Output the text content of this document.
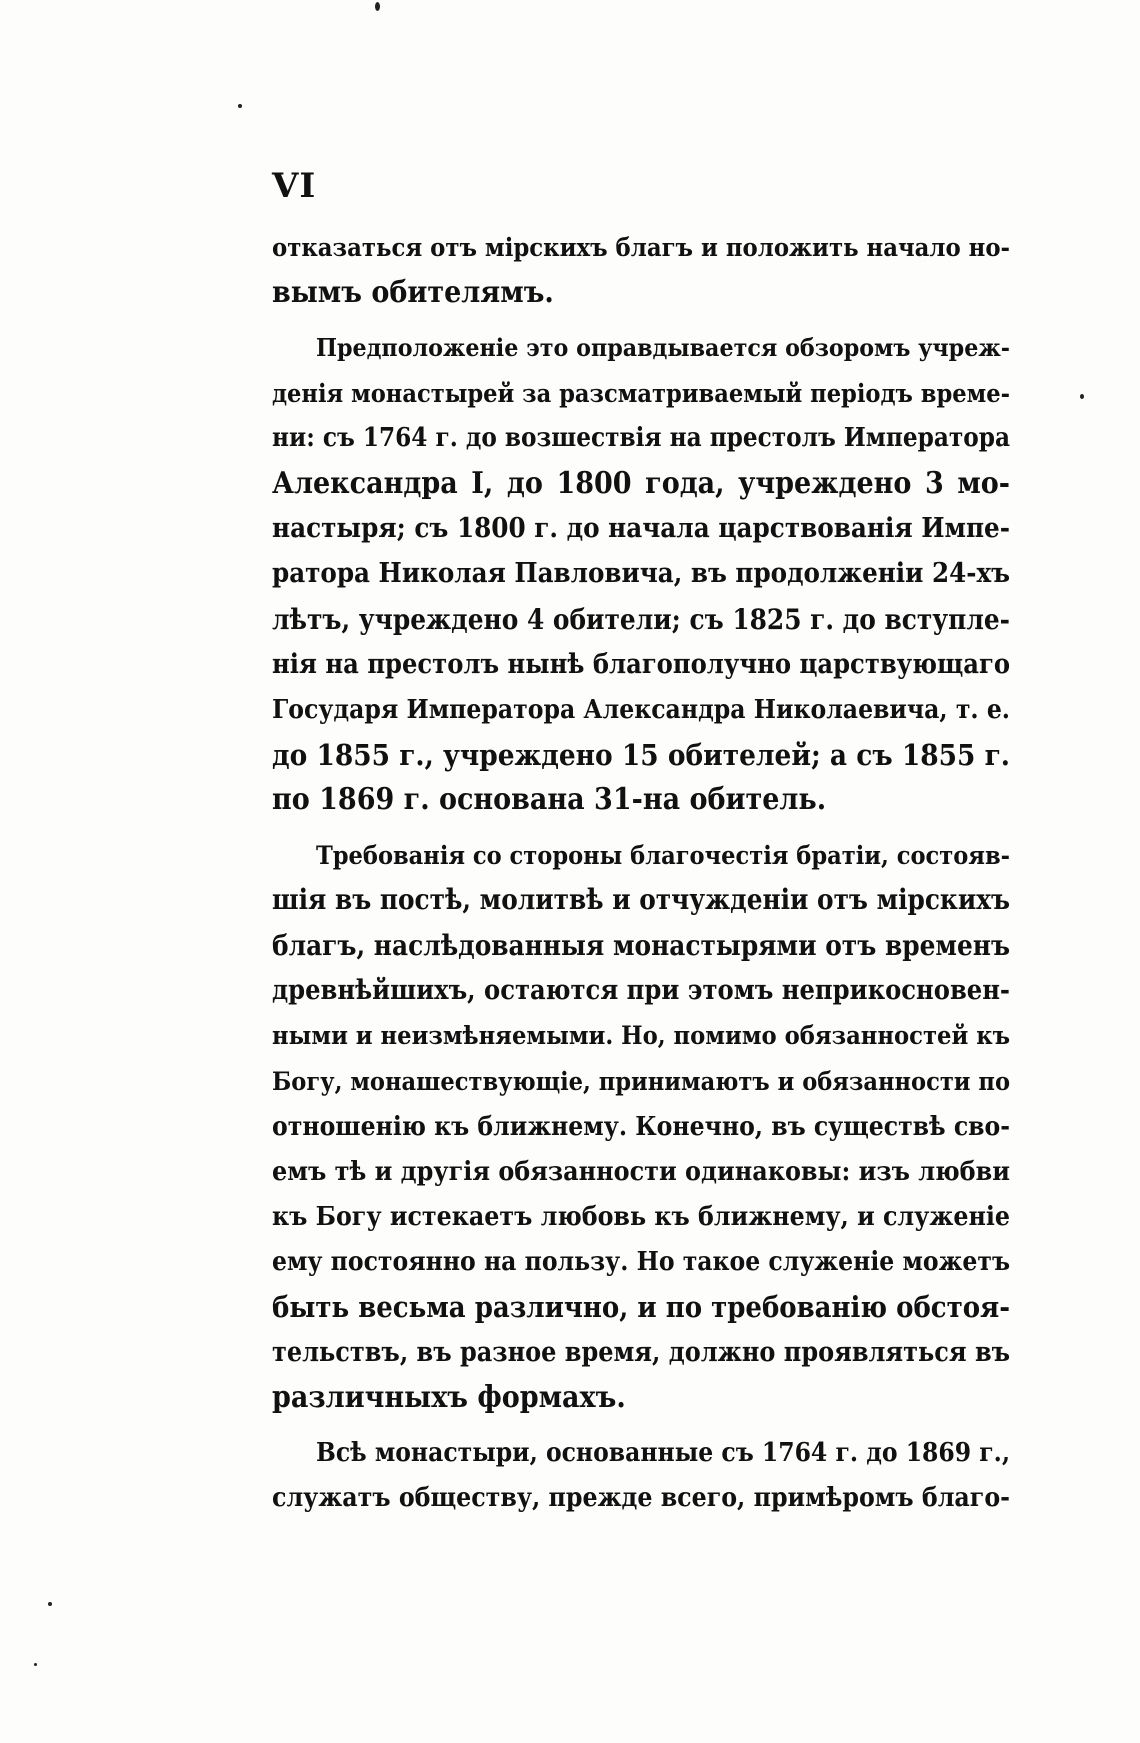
VI
отказаться отъ мірскихъ благъ и положить начало но-
вымъ обителямъ.
Предположеніе это оправдывается обзоромъ учреж-
денія монастырей за разсматриваемый періодъ време-
ни: съ 1764 г. до возшествія на престолъ Императора
Александра I, до 1800 года, учреждено 3 мо-
настыря; съ 1800 г. до начала царствованія Импе-
ратора Николая Павловича, въ продолженіи 24-хъ
лѣтъ, учреждено 4 обители; съ 1825 г. до вступле-
нія на престолъ нынѣ благополучно царствующаго
Государя Императора Александра Николаевича, т. е.
до 1855 г., учреждено 15 обителей; а съ 1855 г.
по 1869 г. основана 31-на обитель.
Требованія со стороны благочестія братіи, состояв-
шія въ постѣ, молитвѣ и отчужденіи отъ мірскихъ
благъ, наслѣдованныя монастырями отъ временъ
древнѣйшихъ, остаются при этомъ неприкосновен-
ными и неизмѣняемыми. Но, помимо обязанностей къ
Богу, монашествующіе, принимаютъ и обязанности по
отношенію къ ближнему. Конечно, въ существѣ сво-
емъ тѣ и другія обязанности одинаковы: изъ любви
къ Богу истекаетъ любовь къ ближнему, и служеніе
ему постоянно на пользу. Но такое служеніе можетъ
быть весьма различно, и по требованію обстоя-
тельствъ, въ разное время, должно проявляться въ
различныхъ формахъ.
Всѣ монастыри, основанные съ 1764 г. до 1869 г.,
служатъ обществу, прежде всего, примѣромъ благо-
